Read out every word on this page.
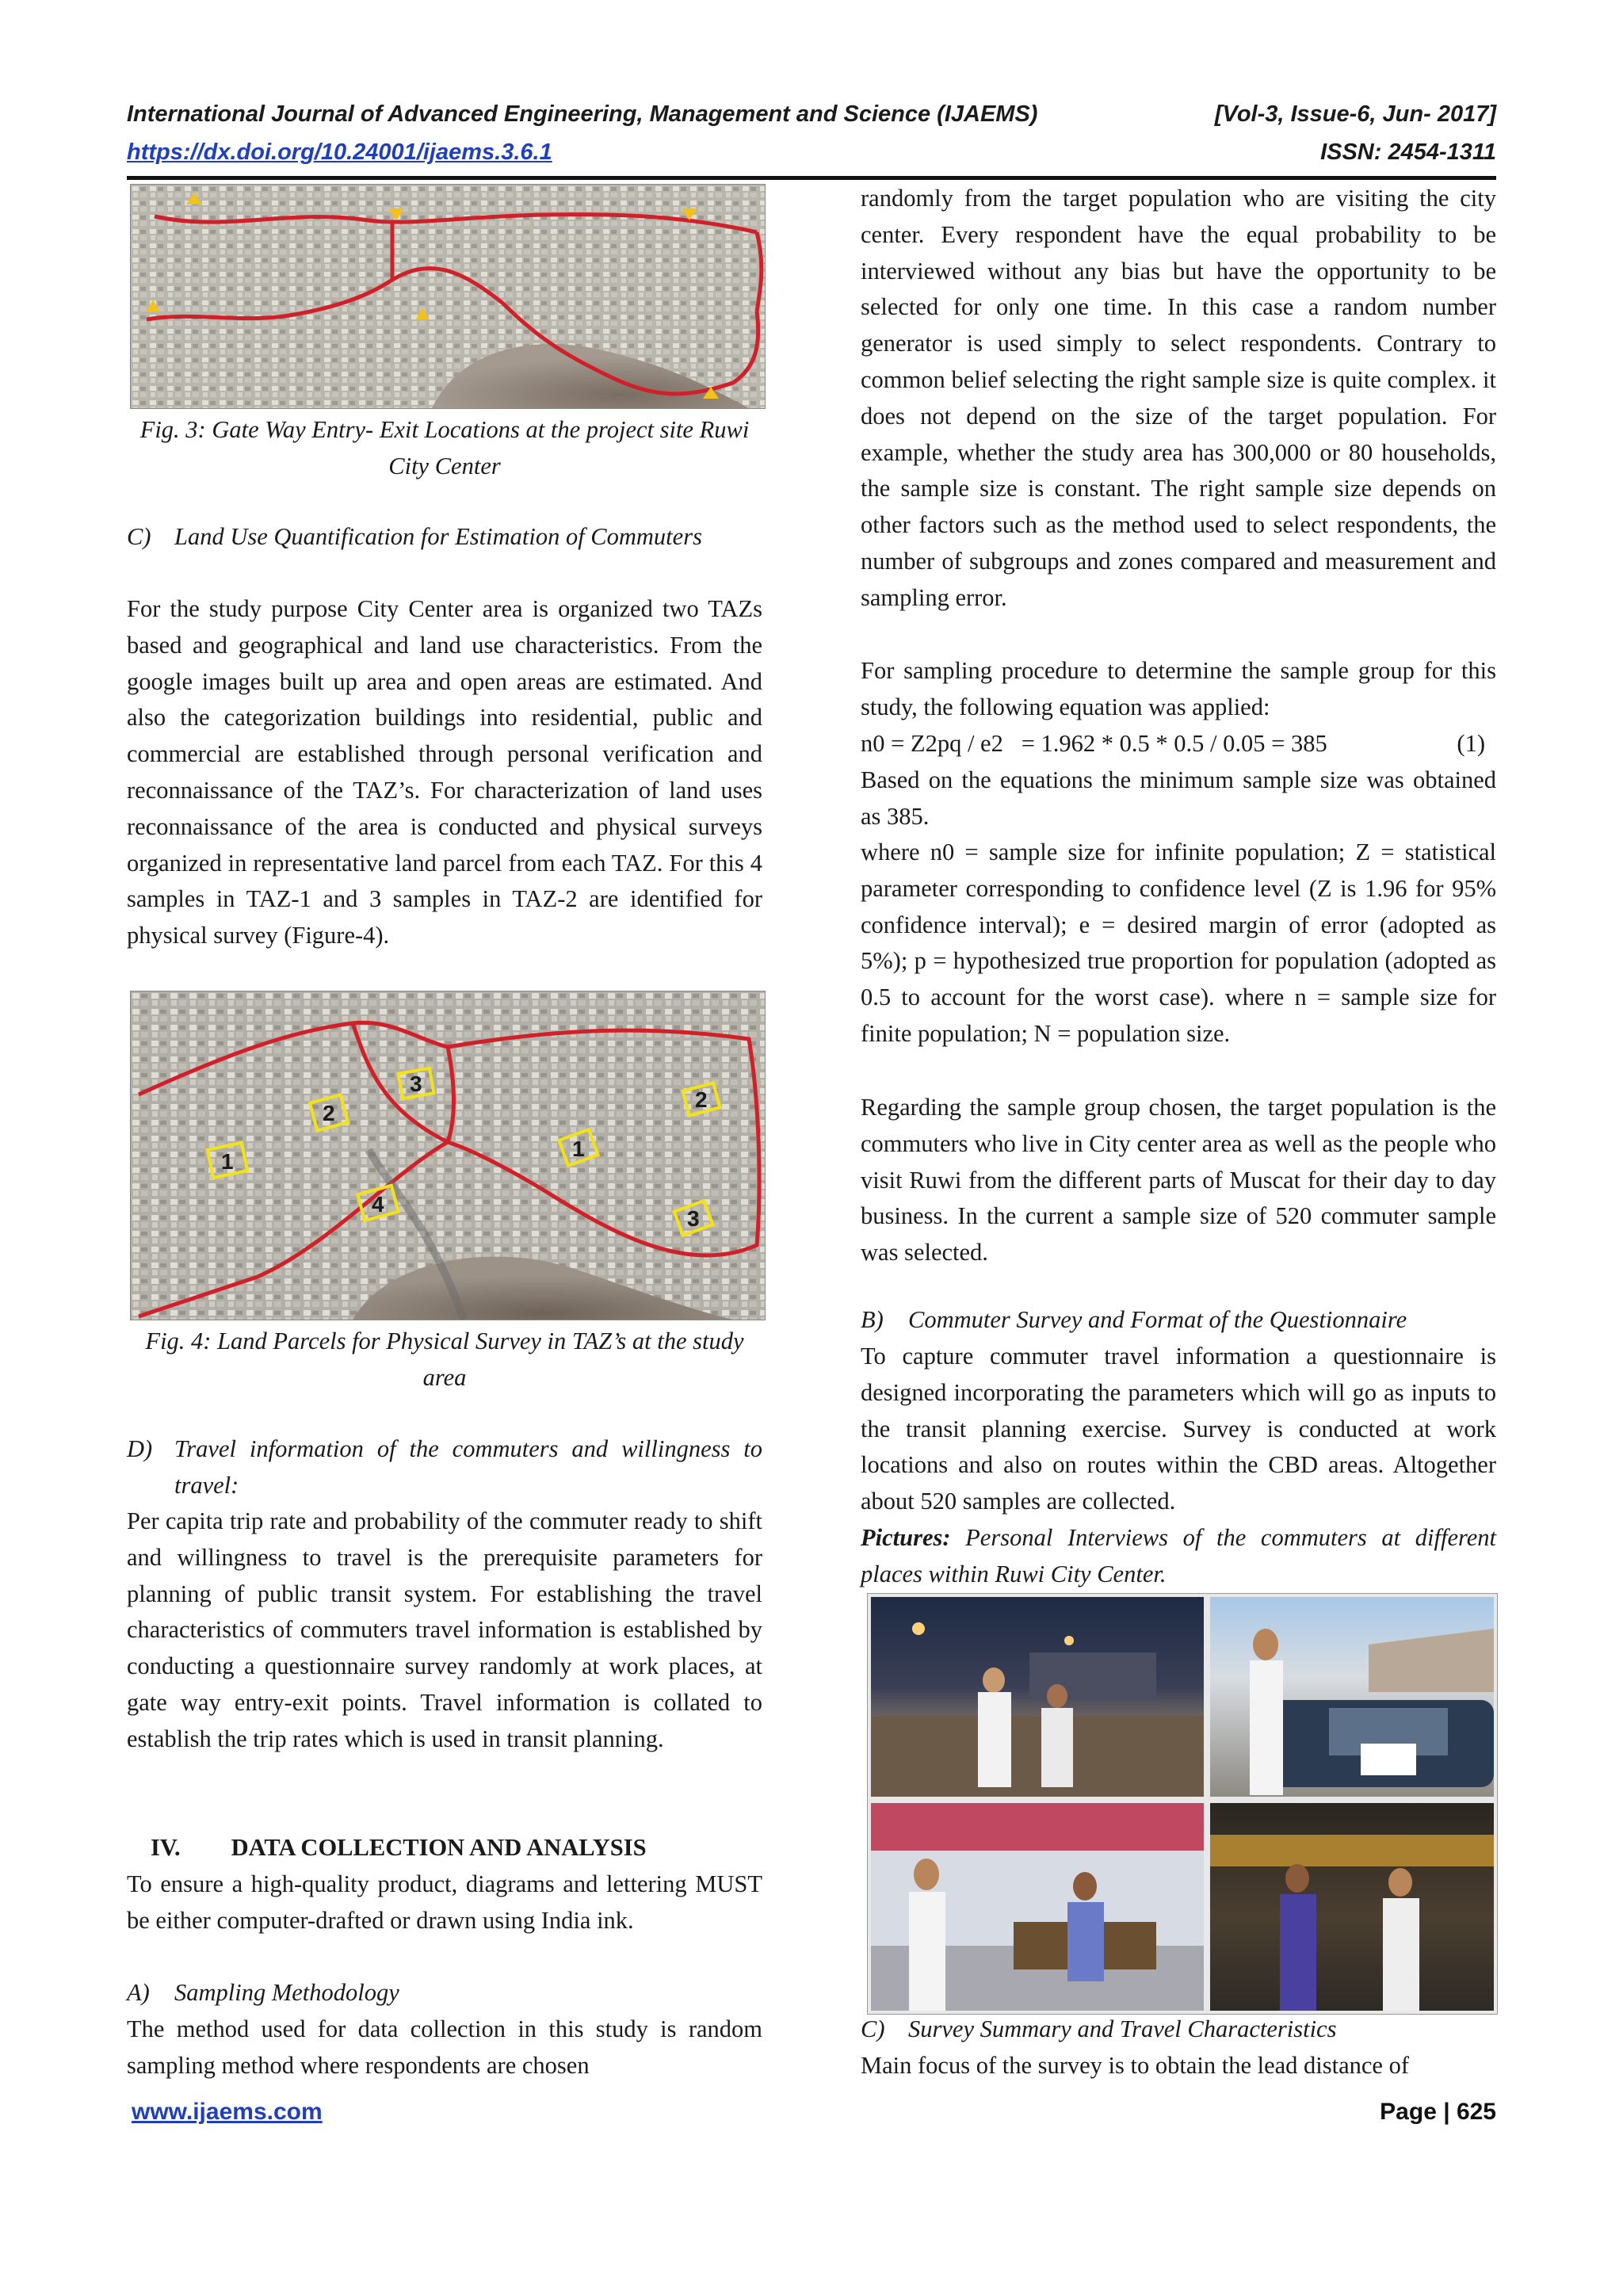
International Journal of Advanced Engineering, Management and Science (IJAEMS)	[Vol-3, Issue-6, Jun- 2017]
https://dx.doi.org/10.24001/ijaems.3.6.1	ISSN: 2454-1311

Fig. 3: Gate Way Entry- Exit Locations at the project site Ruwi City Center

C) Land Use Quantification for Estimation of Commuters

For the study purpose City Center area is organized two TAZs based and geographical and land use characteristics. From the google images built up area and open areas are estimated. And also the categorization buildings into residential, public and commercial are established through personal verification and reconnaissance of the TAZ’s. For characterization of land uses reconnaissance of the area is conducted and physical surveys organized in representative land parcel from each TAZ. For this 4 samples in TAZ-1 and 3 samples in TAZ-2 are identified for physical survey (Figure-4).

2
3
1
4
1
2
3

Fig. 4: Land Parcels for Physical Survey in TAZ’s at the study area

D) Travel information of the commuters and willingness to travel:

Per capita trip rate and probability of the commuter ready to shift and willingness to travel is the prerequisite parameters for planning of public transit system. For establishing the travel characteristics of commuters travel information is established by conducting a questionnaire survey randomly at work places, at gate way entry-exit points. Travel information is collated to establish the trip rates which is used in transit planning.

IV. DATA COLLECTION AND ANALYSIS

To ensure a high-quality product, diagrams and lettering MUST be either computer-drafted or drawn using India ink.

A)	Sampling Methodology

The method used for data collection in this study is random sampling method where respondents are chosen

randomly from the target population who are visiting the city center. Every respondent have the equal probability to be interviewed without any bias but have the opportunity to be selected for only one time. In this case a random number generator is used simply to select respondents. Contrary to common belief selecting the right sample size is quite complex. it does not depend on the size of the target population. For example, whether the study area has 300,000 or 80 households, the sample size is constant. The right sample size depends on other factors such as the method used to select respondents, the number of subgroups and zones compared and measurement and sampling error.

For sampling procedure to determine the sample group for this study, the following equation was applied:

n0 = Z2pq / e2   = 1.962 * 0.5 * 0.5 / 0.05 = 385	(1)

Based on the equations the minimum sample size was obtained as 385.

where n0 = sample size for infinite population; Z = statistical parameter corresponding to confidence level (Z is 1.96 for 95% confidence interval); e = desired margin of error (adopted as 5%); p = hypothesized true proportion for population (adopted as 0.5 to account for the worst case). where n = sample size for finite population; N = population size.

Regarding the sample group chosen, the target population is the commuters who live in City center area as well as the people who visit Ruwi from the different parts of Muscat for their day to day business. In the current a sample size of 520 commuter sample was selected.

B)	Commuter Survey and Format of the Questionnaire

To capture commuter travel information a questionnaire is designed incorporating the parameters which will go as inputs to the transit planning exercise. Survey is conducted at work locations and also on routes within the CBD areas. Altogether about 520 samples are collected.

Pictures: Personal Interviews of the commuters at different places within Ruwi City Center.

C) Survey Summary and Travel Characteristics

Main focus of the survey is to obtain the lead distance of

www.ijaems.com	Page | 625
